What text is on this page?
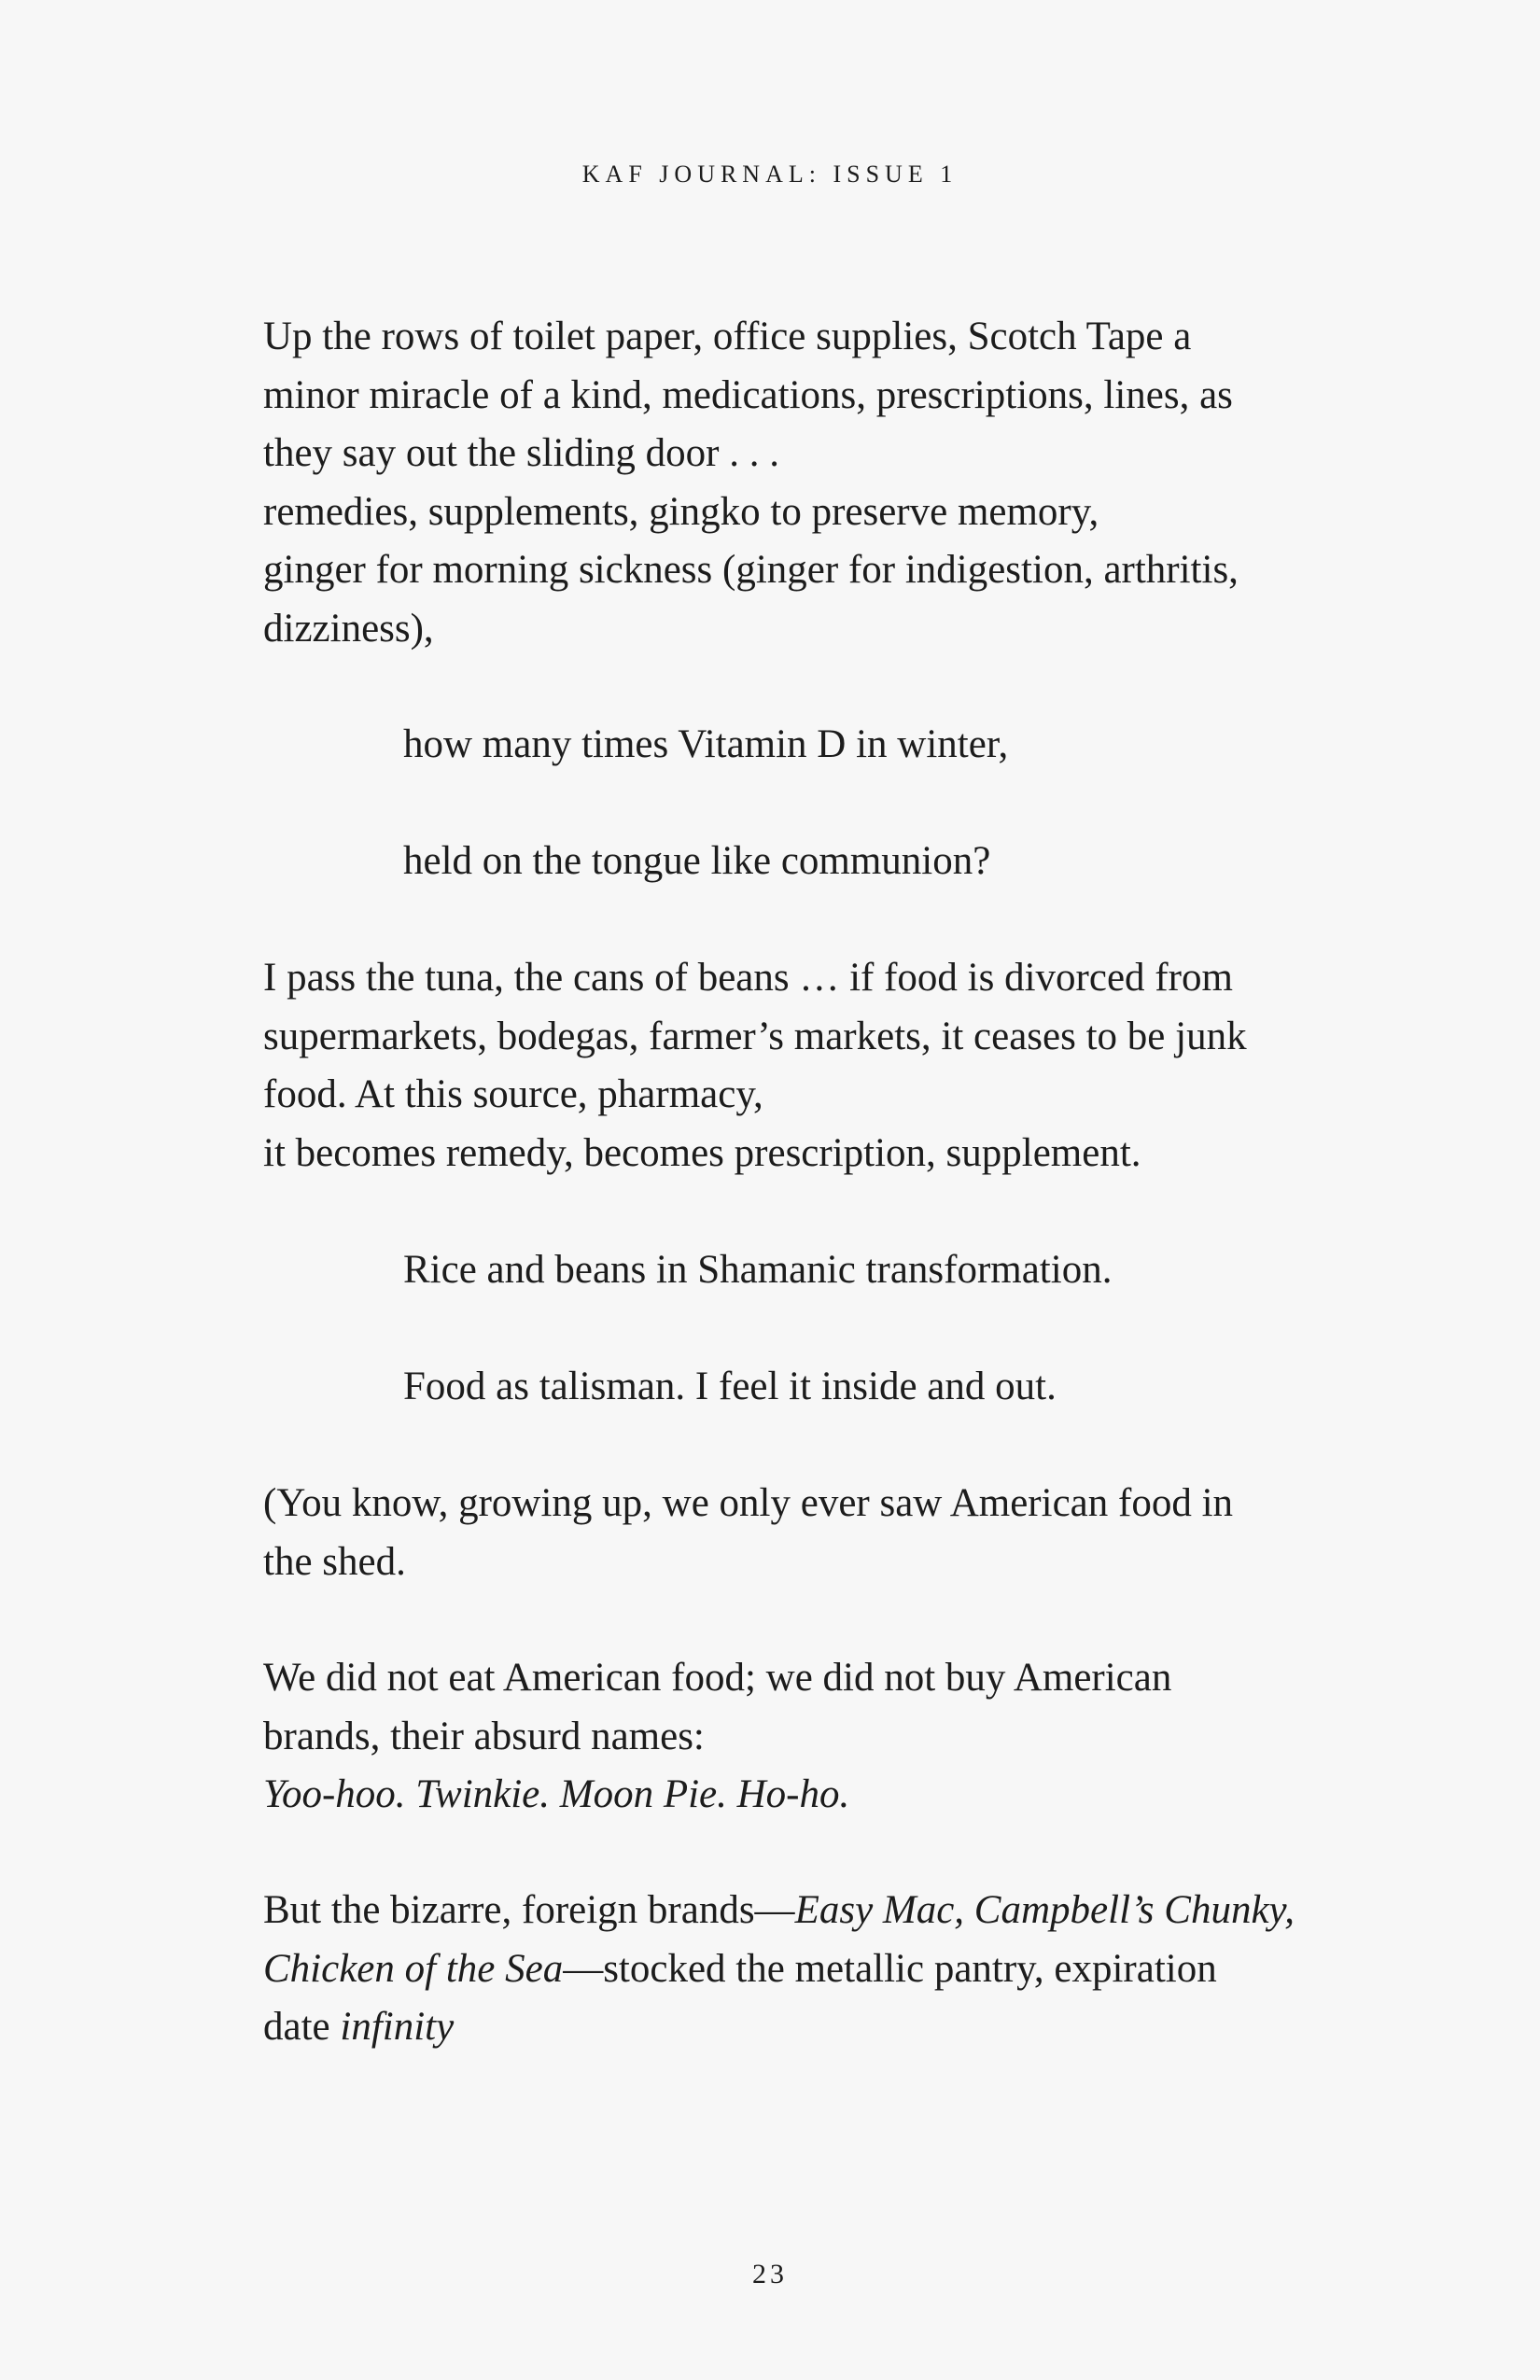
KAF JOURNAL: ISSUE 1
Up the rows of toilet paper, office supplies, Scotch Tape a
minor miracle of a kind, medications, prescriptions, lines, as
they say out the sliding door . . .
remedies, supplements, gingko to preserve memory,
ginger for morning sickness (ginger for indigestion, arthritis,
dizziness),
how many times Vitamin D in winter,
held on the tongue like communion?
I pass the tuna, the cans of beans … if food is divorced from
supermarkets, bodegas, farmer’s markets, it ceases to be junk
food. At this source, pharmacy,
it becomes remedy, becomes prescription, supplement.
Rice and beans in Shamanic transformation.
Food as talisman. I feel it inside and out.
(You know, growing up, we only ever saw American food in
the shed.
We did not eat American food; we did not buy American
brands, their absurd names:
Yoo-hoo. Twinkie. Moon Pie. Ho-ho.
But the bizarre, foreign brands—Easy Mac, Campbell’s Chunky,
Chicken of the Sea—stocked the metallic pantry, expiration
date infinity
23
